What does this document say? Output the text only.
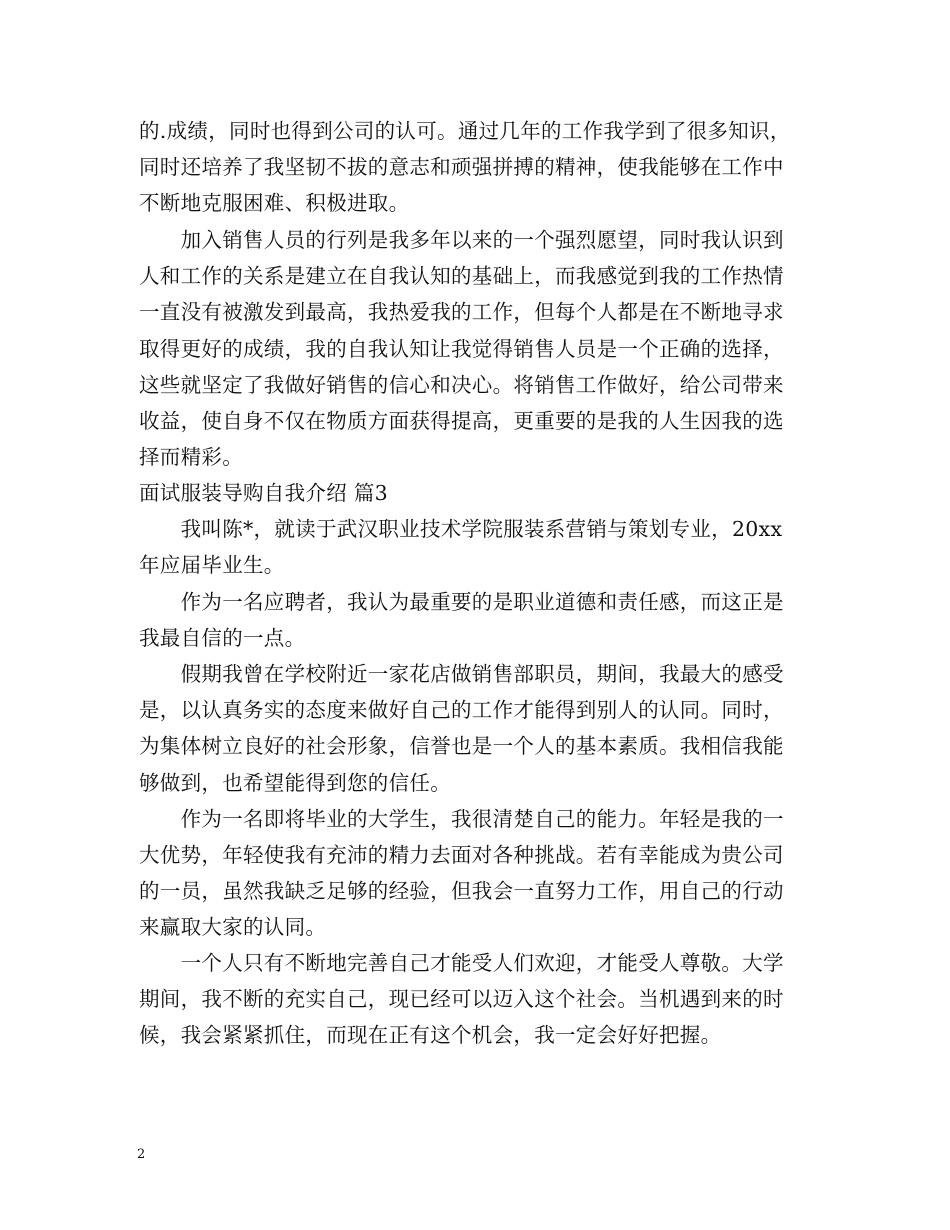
的.成绩，同时也得到公司的认可。通过几年的工作我学到了很多知识，
同时还培养了我坚韧不拔的意志和顽强拼搏的精神，使我能够在工作中
不断地克服困难、积极进取。
　　加入销售人员的行列是我多年以来的一个强烈愿望，同时我认识到
人和工作的关系是建立在自我认知的基础上，而我感觉到我的工作热情
一直没有被激发到最高，我热爱我的工作，但每个人都是在不断地寻求
取得更好的成绩，我的自我认知让我觉得销售人员是一个正确的选择，
这些就坚定了我做好销售的信心和决心。将销售工作做好，给公司带来
收益，使自身不仅在物质方面获得提高，更重要的是我的人生因我的选
择而精彩。
面试服装导购自我介绍 篇3
　　我叫陈*，就读于武汉职业技术学院服装系营销与策划专业，20xx
年应届毕业生。
　　作为一名应聘者，我认为最重要的是职业道德和责任感，而这正是
我最自信的一点。
　　假期我曾在学校附近一家花店做销售部职员，期间，我最大的感受
是，以认真务实的态度来做好自己的工作才能得到别人的认同。同时，
为集体树立良好的社会形象，信誉也是一个人的基本素质。我相信我能
够做到，也希望能得到您的信任。
　　作为一名即将毕业的大学生，我很清楚自己的能力。年轻是我的一
大优势，年轻使我有充沛的精力去面对各种挑战。若有幸能成为贵公司
的一员，虽然我缺乏足够的经验，但我会一直努力工作，用自己的行动
来赢取大家的认同。
　　一个人只有不断地完善自己才能受人们欢迎，才能受人尊敬。大学
期间，我不断的充实自己，现已经可以迈入这个社会。当机遇到来的时
候，我会紧紧抓住，而现在正有这个机会，我一定会好好把握。
2
